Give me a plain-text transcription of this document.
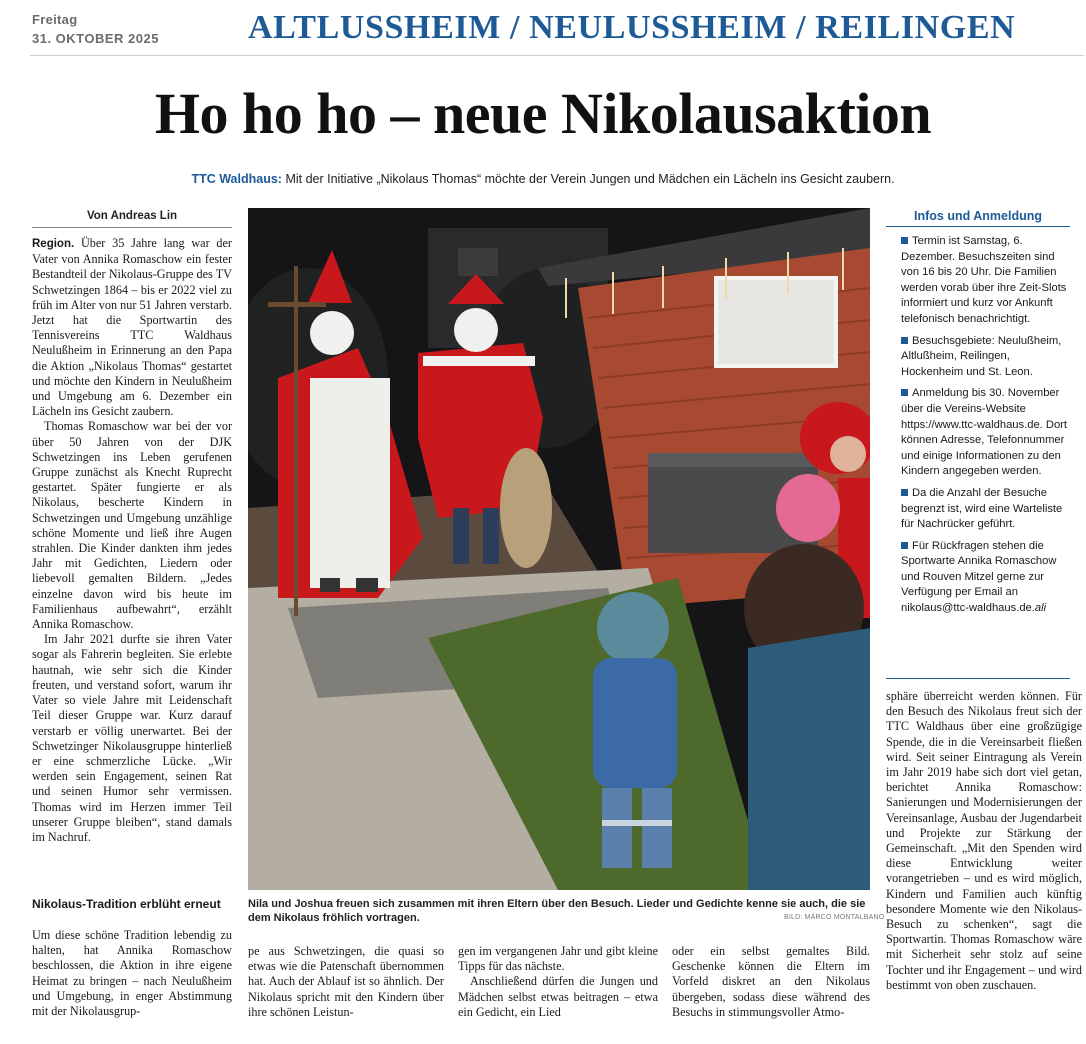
Freitag
31. OKTOBER 2025	ALTLUSSHEIM / NEULUSSHEIM / REILINGEN
Ho ho ho – neue Nikolausaktion
TTC Waldhaus: Mit der Initiative „Nikolaus Thomas“ möchte der Verein Jungen und Mädchen ein Lächeln ins Gesicht zaubern.
Von Andreas Lin

Region. Über 35 Jahre lang war der Vater von Annika Romaschow ein fester Bestandteil der Nikolaus-Gruppe des TV Schwetzingen 1864 – bis er 2022 viel zu früh im Alter von nur 51 Jahren verstarb. Jetzt hat die Sportwartin des Tennisvereins TTC Waldhaus Neulußheim in Erinnerung an den Papa die Aktion „Nikolaus Thomas“ gestartet und möchte den Kindern in Neulußheim und Umgebung am 6. Dezember ein Lächeln ins Gesicht zaubern.

Thomas Romaschow war bei der vor über 50 Jahren von der DJK Schwetzingen ins Leben gerufenen Gruppe zunächst als Knecht Ruprecht gestartet. Später fungierte er als Nikolaus, bescherte Kindern in Schwetzingen und Umgebung unzählige schöne Momente und ließ ihre Augen strahlen. Die Kinder dankten ihm jedes Jahr mit Gedichten, Liedern oder liebevoll gemalten Bildern. „Jedes einzelne davon wird bis heute im Familienhaus aufbewahrt“, erzählt Annika Romaschow.

Im Jahr 2021 durfte sie ihren Vater sogar als Fahrerin begleiten. Sie erlebte hautnah, wie sehr sich die Kinder freuten, und verstand sofort, warum ihr Vater so viele Jahre mit Leidenschaft Teil dieser Gruppe war. Kurz darauf verstarb er völlig unerwartet. Bei der Schwetzinger Nikolausgruppe hinterließ er eine schmerzliche Lücke. „Wir werden sein Engagement, seinen Rat und seinen Humor sehr vermissen. Thomas wird im Herzen immer Teil unserer Gruppe bleiben“, stand damals im Nachruf.

Nikolaus-Tradition erblüht erneut

Um diese schöne Tradition lebendig zu halten, hat Annika Romaschow beschlossen, die Aktion in ihre eigene Heimat zu bringen – nach Neulußheim und Umgebung, in enger Abstimmung mit der Nikolausgrup-

Nila und Joshua freuen sich zusammen mit ihren Eltern über den Besuch. Lieder und Gedichte kenne sie auch, die sie dem Nikolaus fröhlich vortragen.	BILD: MARCO MONTALBANO

pe aus Schwetzingen, die quasi so etwas wie die Patenschaft übernommen hat. Auch der Ablauf ist so ähnlich. Der Nikolaus spricht mit den Kindern über ihre schönen Leistun-

gen im vergangenen Jahr und gibt kleine Tipps für das nächste.

Anschließend dürfen die Jungen und Mädchen selbst etwas beitragen – etwa ein Gedicht, ein Lied

oder ein selbst gemaltes Bild. Geschenke können die Eltern im Vorfeld diskret an den Nikolaus übergeben, sodass diese während des Besuchs in stimmungsvoller Atmo-

Infos und Anmeldung
Termin ist Samstag, 6. Dezember. Besuchszeiten sind von 16 bis 20 Uhr. Die Familien werden vorab über ihre Zeit-Slots informiert und kurz vor Ankunft telefonisch benachrichtigt.
Besuchsgebiete: Neulußheim, Altlußheim, Reilingen, Hockenheim und St. Leon.
Anmeldung bis 30. November über die Vereins-Website https://www.ttc-waldhaus.de. Dort können Adresse, Telefonnummer und einige Informationen zu den Kindern angegeben werden.
Da die Anzahl der Besuche begrenzt ist, wird eine Warteliste für Nachrücker geführt.
Für Rückfragen stehen die Sportwarte Annika Romaschow und Rouven Mitzel gerne zur Verfügung per Email an nikolaus@ttc-waldhaus.de.ali

sphäre überreicht werden können. Für den Besuch des Nikolaus freut sich der TTC Waldhaus über eine großzügige Spende, die in die Vereinsarbeit fließen wird. Seit seiner Eintragung als Verein im Jahr 2019 habe sich dort viel getan, berichtet Annika Romaschow: Sanierungen und Modernisierungen der Vereinsanlage, Ausbau der Jugendarbeit und Projekte zur Stärkung der Gemeinschaft. „Mit den Spenden wird diese Entwicklung weiter vorangetrieben – und es wird möglich, Kindern und Familien auch künftig besondere Momente wie den Nikolaus-Besuch zu schenken“, sagt die Sportwartin. Thomas Romaschow wäre mit Sicherheit sehr stolz auf seine Tochter und ihr Engagement – und wird bestimmt von oben zuschauen.
